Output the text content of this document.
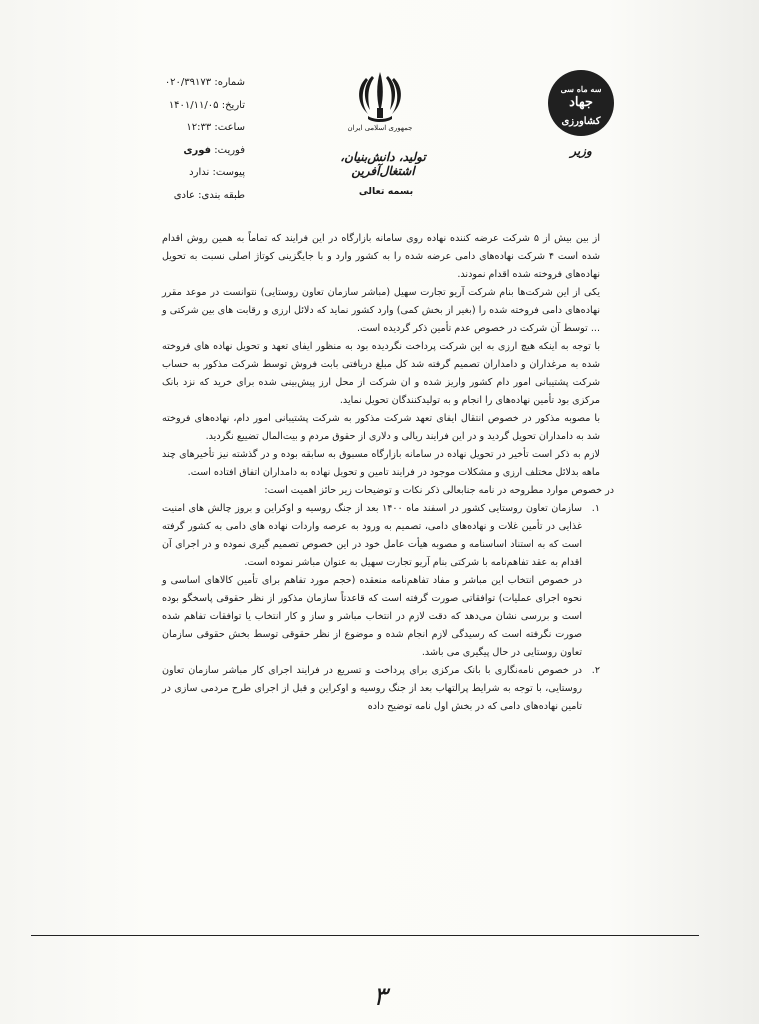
شماره: ۰۲۰/۳۹۱۷۳
تاریخ: ۱۴۰۱/۱۱/۰۵
ساعت: ۱۲:۳۳
فوریت: فوری
پیوست: ندارد
طبقه بندی: عادی
جمهوری اسلامی ایران
تولید، دانش‌بنیان، اشتغال‌آفرین
بسمه تعالی
سه ماه سی
جهاد
کشاورزی
وزیر

از بین بیش از ۵ شرکت عرضه کننده نهاده روی سامانه بازارگاه در این فرایند که تماماً به همین روش اقدام شده است ۴ شرکت نهاده‌های دامی عرضه شده را به کشور وارد و با جایگزینی کوتاژ اصلی نسبت به تحویل نهاده‌های فروخته شده اقدام نمودند.

یکی از این شرکت‌ها بنام شرکت آریو تجارت سهیل (مباشر سازمان تعاون روستایی) نتوانست در موعد مقرر نهاده‌های دامی فروخته شده را (بغیر از بخش کمی) وارد کشور نماید که دلائل ارزی و رقابت های بین شرکتی و ... توسط آن شرکت در خصوص عدم تأمین ذکر گردیده است.

با توجه به اینکه هیچ ارزی به این شرکت پرداخت نگردیده بود به منظور ایفای تعهد و تحویل نهاده های فروخته شده به مرغداران و دامداران تصمیم گرفته شد کل مبلغ دریافتی بابت فروش توسط شرکت مذکور به حساب شرکت پشتیبانی امور دام کشور واریز شده و ان شرکت از محل ارز پیش‌بینی شده برای خرید که نزد بانک مرکزی بود تأمین نهاده‌های را انجام و به تولیدکنندگان تحویل نماید.

با مصوبه مذکور در خصوص انتقال ایفای تعهد شرکت مذکور به شرکت پشتیبانی امور دام، نهاده‌های فروخته شد به دامداران تحویل گردید و در این فرایند ریالی و دلاری از حقوق مردم و بیت‌المال تضییع نگردید.

لازم به ذکر است تأخیر در تحویل نهاده در سامانه بازارگاه مسبوق به سابقه بوده و در گذشته نیز تأخیرهای چند ماهه بدلائل مختلف ارزی و مشکلات موجود در فرایند تامین و تحویل نهاده به دامداران اتفاق افتاده است.

در خصوص موارد مطروحه در نامه جنابعالی ذکر نکات و توضیحات زیر حائز اهمیت است:

۱.
سازمان تعاون روستایی کشور در اسفند ماه ۱۴۰۰ بعد از جنگ روسیه و اوکراین و بروز چالش های امنیت غذایی در تأمین غلات و نهاده‌های دامی، تصمیم به ورود به عرصه واردات نهاده های دامی به کشور گرفته است که به استناد اساسنامه و مصوبه هیأت عامل خود در این خصوص تصمیم گیری نموده و در اجرای آن اقدام به عقد تفاهم‌نامه با شرکتی بنام آریو تجارت سهیل به عنوان مباشر نموده است.
در خصوص انتخاب این مباشر و مفاد تفاهم‌نامه منعقده (حجم مورد تفاهم برای تأمین کالاهای اساسی و نحوه اجرای عملیات) توافقاتی صورت گرفته است که قاعدتاً سازمان مذکور از نظر حقوقی پاسخگو بوده است و بررسی نشان می‌دهد که دقت لازم در انتخاب مباشر و ساز و کار انتخاب یا توافقات تفاهم شده صورت نگرفته است که رسیدگی لازم انجام شده و موضوع از نظر حقوقی توسط بخش حقوقی سازمان تعاون روستایی در حال پیگیری می باشد.
۲.
در خصوص نامه‌نگاری با بانک مرکزی برای پرداخت و تسریع در فرایند اجرای کار مباشر سازمان تعاون روستایی، با توجه به شرایط پرالتهاب بعد از جنگ روسیه و اوکراین و قبل از اجرای طرح مردمی سازی در تامین نهاده‌های دامی که در بخش اول نامه توضیح داده
۳
